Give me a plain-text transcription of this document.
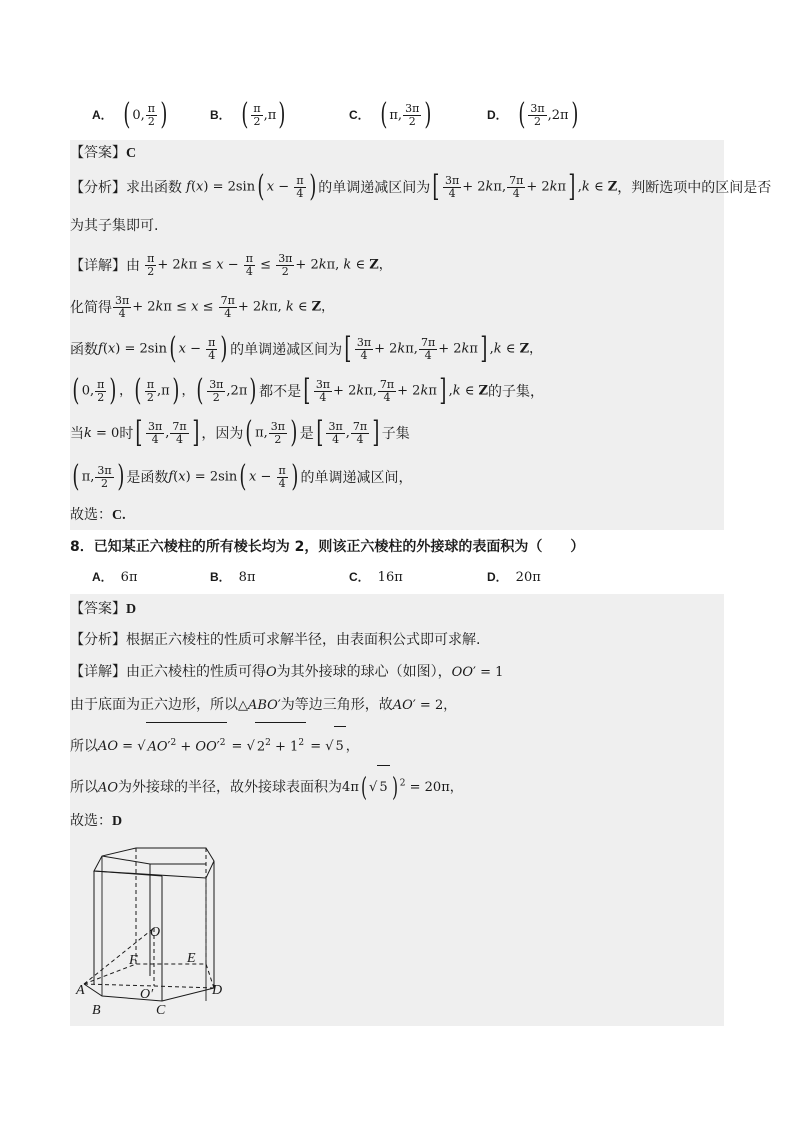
A． ( 0, $\frac{\pi}{2}$ )	B． ( $\frac{\pi}{2} ,\pi$)	C． ( π, $\frac{3\pi}{2}$ )	D． ( $\frac{3\pi}{2} ,2\pi$)
【答案】C
【分析】 求出函数 f(x) = 2sin( $x - \frac{\pi}{4}$ ) 的单调递减区间为 [ $\frac{3\pi}{4} + 2k\pi$, $\frac{7\pi}{4} + 2k\pi$] ,k ∈ Z ，判断选项中的区间是否
为其子集即可.
【详解】 由
$\frac{\pi}{2} + 2k\pi \le x - \frac{\pi}{4} \le \frac{3\pi}{2} + 2k\pi$, k ∈ Z，
化简得 $\frac{3\pi}{4} + 2k\pi \le x \le \frac{7\pi}{4} + 2k\pi$, k ∈ Z，
函数 f(x) = 2sin( $x - \frac{\pi}{4}$ ) 的单调递减区间为 [ $\frac{3\pi}{4} + 2k\pi$, $\frac{7\pi}{4} + 2k\pi$] ,k ∈ Z，
( 0, $\frac{\pi}{2}$ ) ，( $\frac{\pi}{2} ,\pi$) ，( $\frac{3\pi}{2} ,2\pi$) 都不是 [ $\frac{3\pi}{4} + 2k\pi$, $\frac{7\pi}{4} + 2k\pi$] ,k ∈ Z 的子集，
当 k = 0 时 [ $\frac{3\pi}{4}$ , $\frac{7\pi}{4}$ ] ，因为 ( π, $\frac{3\pi}{2}$ ) 是 [ $\frac{3\pi}{4}$ , $\frac{7\pi}{4}$ ] 子集
( π, $\frac{3\pi}{2}$ ) 是函数 f(x) = 2sin( $x - \frac{\pi}{4}$ ) 的单调递减区间，
故选：C.
8．已知某正六棱柱的所有棱长均为 2，则该正六棱柱的外接球的表面积为（　　）
A． 6π	B． 8π	C． 16π	D． 20π
【答案】D
【分析】根据正六棱柱的性质可求解半径，由表面积公式即可求解.
【详解】由正六棱柱的性质可得O为其外接球的球心（如图），OO′ = 1
由于底面为正六边形，所以△ABO′为等边三角形，故AO′ = 2，
所以AO = √ $AO'^2 + OO'^2$ = √ $2^2 + 1^2$ = √ 5 ，
所以AO为外接球的半径，故外接球表面积为4π( √ 5 ) $^2$ = 20π，
故选：D
O
F	E
A	O′	D
B	C
